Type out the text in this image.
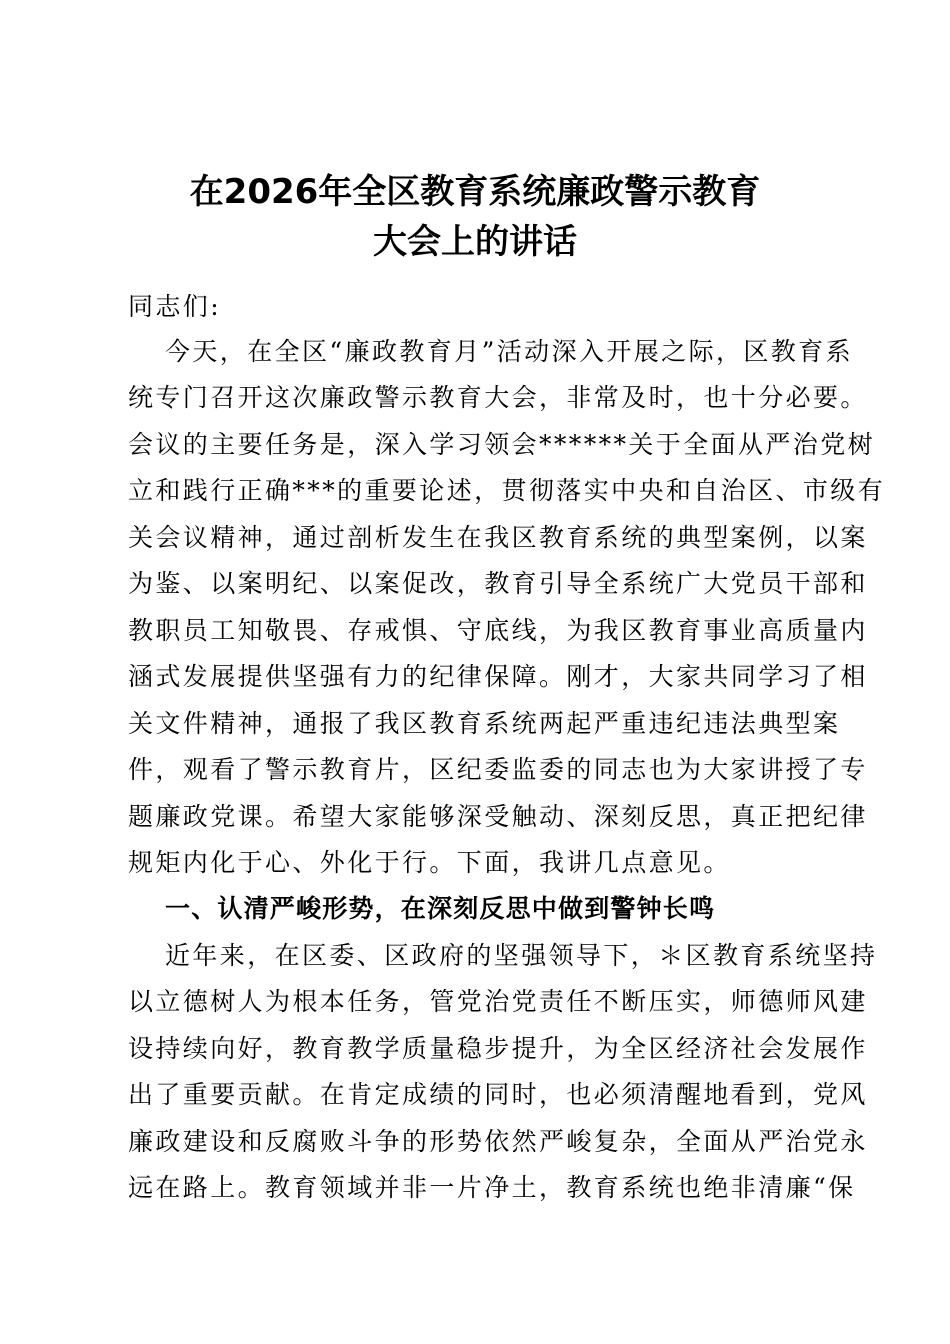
在2026年全区教育系统廉政警示教育
大会上的讲话

同志们:

今天，在全区“廉政教育月”活动深入开展之际，区教育系

统专门召开这次廉政警示教育大会，非常及时，也十分必要。

会议的主要任务是，深入学习领会******关于全面从严治党树

立和践行正确***的重要论述，贯彻落实中央和自治区、市级有

关会议精神，通过剖析发生在我区教育系统的典型案例，以案

为鉴、以案明纪、以案促改，教育引导全系统广大党员干部和

教职员工知敬畏、存戒惧、守底线，为我区教育事业高质量内

涵式发展提供坚强有力的纪律保障。刚才，大家共同学习了相

关文件精神，通报了我区教育系统两起严重违纪违法典型案

件，观看了警示教育片，区纪委监委的同志也为大家讲授了专

题廉政党课。希望大家能够深受触动、深刻反思，真正把纪律

规矩内化于心、外化于行。下面，我讲几点意见。

一、认清严峻形势，在深刻反思中做到警钟长鸣

近年来，在区委、区政府的坚强领导下，＊区教育系统坚持

以立德树人为根本任务，管党治党责任不断压实，师德师风建

设持续向好，教育教学质量稳步提升，为全区经济社会发展作

出了重要贡献。在肯定成绩的同时，也必须清醒地看到，党风

廉政建设和反腐败斗争的形势依然严峻复杂，全面从严治党永

远在路上。教育领域并非一片净土，教育系统也绝非清廉“保
